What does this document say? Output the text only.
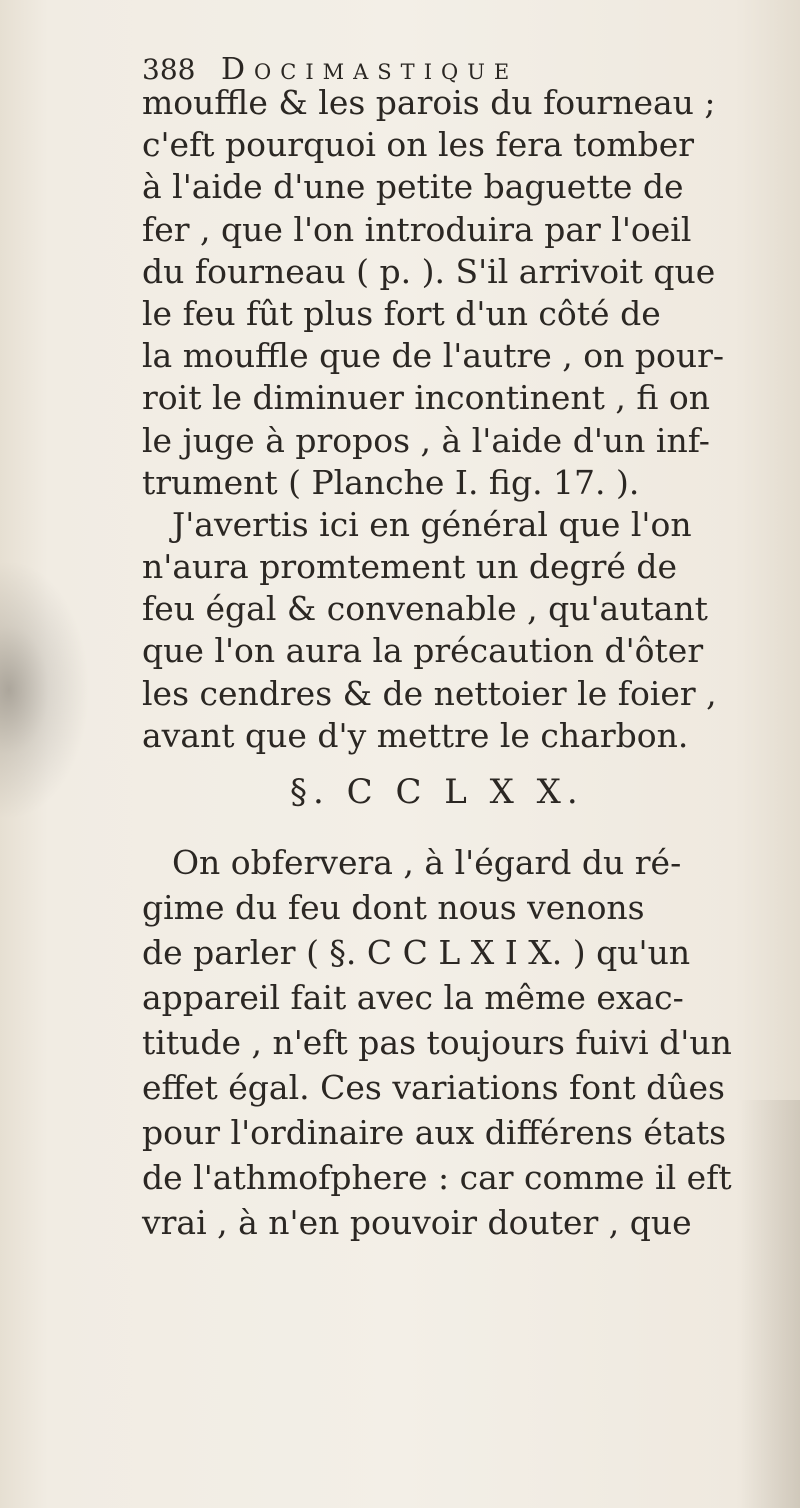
388 Docimastique
mouffle & les parois du fourneau ;
c'eft pourquoi on les fera tomber
à l'aide d'une petite baguette de
fer , que l'on introduira par l'oeil
du fourneau ( p. ). S'il arrivoit que
le feu fût plus fort d'un côté de
la mouffle que de l'autre , on pour-
roit le diminuer incontinent , fi on
le juge à propos , à l'aide d'un inf-
trument ( Planche I. fig. 17. ).
J'avertis ici en général que l'on
n'aura promtement un degré de
feu égal & convenable , qu'autant
que l'on aura la précaution d'ôter
les cendres & de nettoier le foier ,
avant que d'y mettre le charbon.
§. C C L X X.
On obfervera , à l'égard du ré-
gime du feu dont nous venons
de parler ( §. C C L X I X. ) qu'un
appareil fait avec la même exac-
titude , n'eft pas toujours fuivi d'un
effet égal. Ces variations font dûes
pour l'ordinaire aux différens états
de l'athmofphere : car comme il eft
vrai , à n'en pouvoir douter , que
